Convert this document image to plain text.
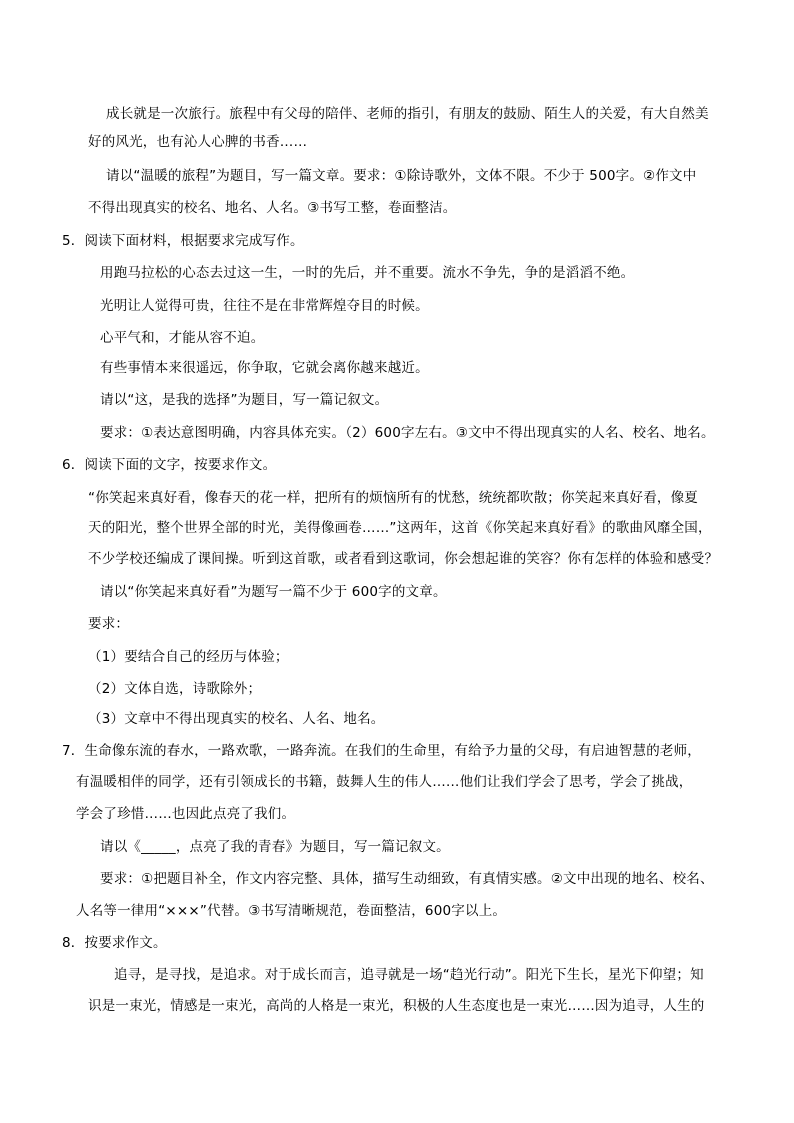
成长就是一次旅行。旅程中有父母的陪伴、老师的指引，有朋友的鼓励、陌生人的关爱，有大自然美
好的风光，也有沁人心脾的书香……
请以“温暖的旅程”为题目，写一篇文章。要求：①除诗歌外，文体不限。不少于 500字。②作文中
不得出现真实的校名、地名、人名。③书写工整，卷面整洁。
5．阅读下面材料，根据要求完成写作。
用跑马拉松的心态去过这一生，一时的先后，并不重要。流水不争先，争的是滔滔不绝。
光明让人觉得可贵，往往不是在非常辉煌夺目的时候。
心平气和，才能从容不迫。
有些事情本来很遥远，你争取，它就会离你越来越近。
请以“这，是我的选择”为题目，写一篇记叙文。
要求：①表达意图明确，内容具体充实。（2）600字左右。③文中不得出现真实的人名、校名、地名。
6．阅读下面的文字，按要求作文。
“你笑起来真好看，像春天的花一样，把所有的烦恼所有的忧愁，统统都吹散；你笑起来真好看，像夏
天的阳光，整个世界全部的时光，美得像画卷……”这两年，这首《你笑起来真好看》的歌曲风靡全国，
不少学校还编成了课间操。听到这首歌，或者看到这歌词，你会想起谁的笑容？你有怎样的体验和感受？
请以“你笑起来真好看”为题写一篇不少于 600字的文章。
要求：
（1）要结合自己的经历与体验；
（2）文体自选，诗歌除外；
（3）文章中不得出现真实的校名、人名、地名。
7．生命像东流的春水，一路欢歌，一路奔流。在我们的生命里，有给予力量的父母，有启迪智慧的老师，
有温暖相伴的同学，还有引领成长的书籍，鼓舞人生的伟人……他们让我们学会了思考，学会了挑战，
学会了珍惜……也因此点亮了我们。
请以《_____，点亮了我的青春》为题目，写一篇记叙文。
要求：①把题目补全，作文内容完整、具体，描写生动细致，有真情实感。②文中出现的地名、校名、
人名等一律用“×××”代替。③书写清晰规范，卷面整洁，600字以上。
8．按要求作文。
追寻，是寻找，是追求。对于成长而言，追寻就是一场“趋光行动”。阳光下生长，星光下仰望；知
识是一束光，情感是一束光，高尚的人格是一束光，积极的人生态度也是一束光……因为追寻，人生的
